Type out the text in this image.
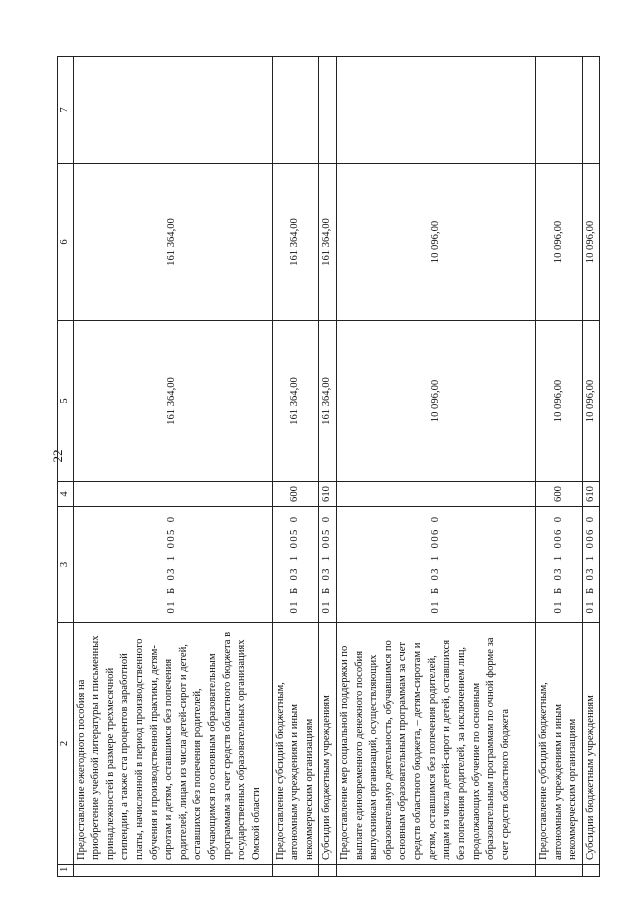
22
1	2	3	4	5	6	7
	Предоставление ежегодного пособия на приобретение учебной литературы и письменных принадлежностей в размере трехмесячной стипендии, а также ста процентов заработной платы, начисленной в период производственного обучения и производственной практики, детям-сиротам и детям, оставшимся без попечения родителей, лицам из числа детей-сирот и детей, оставшихся без попечения родителей, обучающимся по основным образовательным программам за счет средств областного бюджета в государственных образовательных организациях Омской области	01 Б 03 1 005 0		161 364,00	161 364,00	
	Предоставление субсидий бюджетным, автономным учреждениям и иным некоммерческим организациям	01 Б 03 1 005 0	600	161 364,00	161 364,00	
	Субсидии бюджетным учреждениям	01 Б 03 1 005 0	610	161 364,00	161 364,00	
	Предоставление мер социальной поддержки по выплате единовременного денежного пособия выпускникам организаций, осуществляющих образовательную деятельность, обучавшимся по основным образовательным программам за счет средств областного бюджета, – детям-сиротам и детям, оставшимся без попечения родителей, лицам из числа детей-сирот и детей, оставшихся без попечения родителей, за исключением лиц, продолжающих обучение по основным образовательным программам по очной форме за счет средств областного бюджета	01 Б 03 1 006 0		10 096,00	10 096,00	
	Предоставление субсидий бюджетным, автономным учреждениям и иным некоммерческим организациям	01 Б 03 1 006 0	600	10 096,00	10 096,00	
	Субсидии бюджетным учреждениям	01 Б 03 1 006 0	610	10 096,00	10 096,00	
